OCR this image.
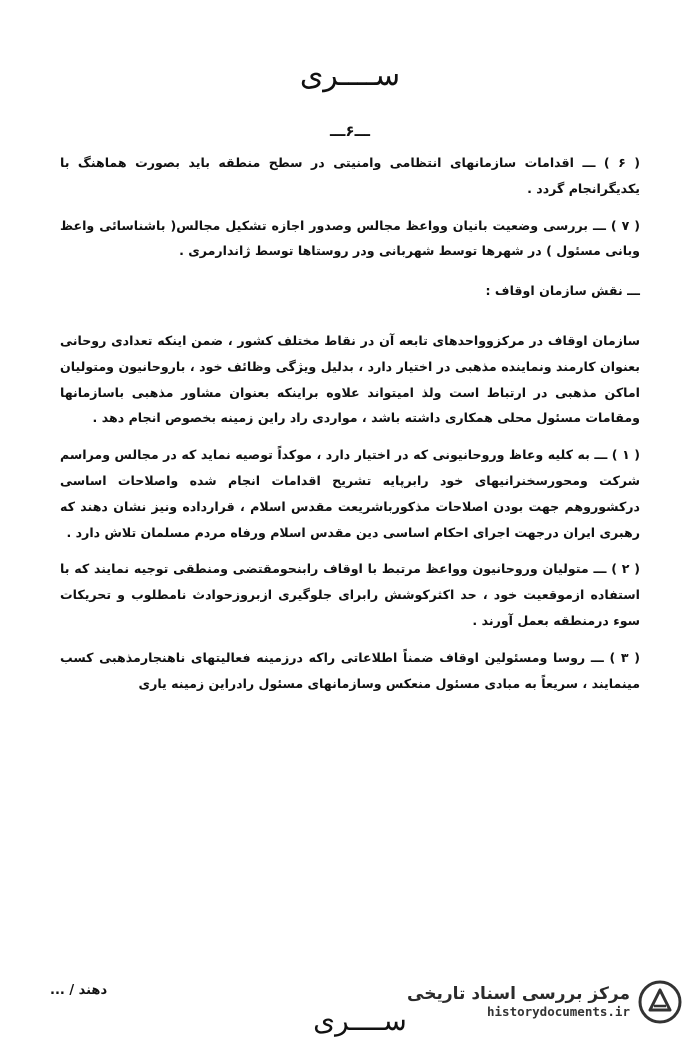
ســــری
ـــ۶ـــ

( ۶ ) ـــ اقدامات سازمانهای انتظامی وامنیتی در سطح منطقه باید بصورت هماهنگ با یکدیگرانجام گردد .

( ۷ ) ـــ بررسی وضعیت بانیان وواعظ مجالس وصدور اجازه تشکیل مجالس( باشناسائی واعظ وبانی مسئول ) در شهرها توسط شهربانی ودر روستاها توسط ژاندارمری .

ـــ نقش سازمان اوقاف :

سازمان اوقاف در مرکزوواحدهای تابعه آن در نقاط مختلف کشور ، ضمن اینکه تعدادی روحانی بعنوان کارمند ونماینده مذهبی در اختیار دارد ، بدلیل ویژگی وظائف خود ، باروحانیون ومتولیان اماکن مذهبی در ارتباط است ولذ امیتواند علاوه براینکه بعنوان مشاور مذهبی باسازمانها ومقامات مسئول محلی همکاری داشته باشد ، مواردی راد راین زمینه بخصوص انجام دهد .

( ۱ ) ـــ به کلیه وعاظ وروحانیونی که در اختیار دارد ، موکداً توصیه نماید که در مجالس ومراسم شرکت ومحورسخنرانیهای خود رابرپایه تشریح اقدامات انجام شده واصلاحات اساسی درکشوروهم جهت بودن اصلاحات مذکورباشریعت مقدس اسلام ، قرارداده ونیز نشان دهند که رهبری ایران درجهت اجرای احکام اساسی دین مقدس اسلام ورفاه مردم مسلمان تلاش دارد .

( ۲ ) ـــ متولیان وروحانیون وواعظ مرتبط با اوقاف رابنحومقتضی ومنطقی توجیه نمایند که با استفاده ازموقعیت خود ، حد اکثرکوشش رابرای جلوگیری ازبروزحوادث نامطلوب و تحریکات سوء درمنطقه بعمل آورند .

( ۳ ) ـــ روسا ومسئولین اوقاف ضمناً اطلاعاتی راکه درزمینه فعالیتهای ناهنجارمذهبی کسب مینمایند ، سریعاً به مبادی مسئول منعکس وسازمانهای مسئول رادراین زمینه یاری

دهند / ...
ســــری
مرکز بررسی اسناد تاریخی
historydocuments.ir
